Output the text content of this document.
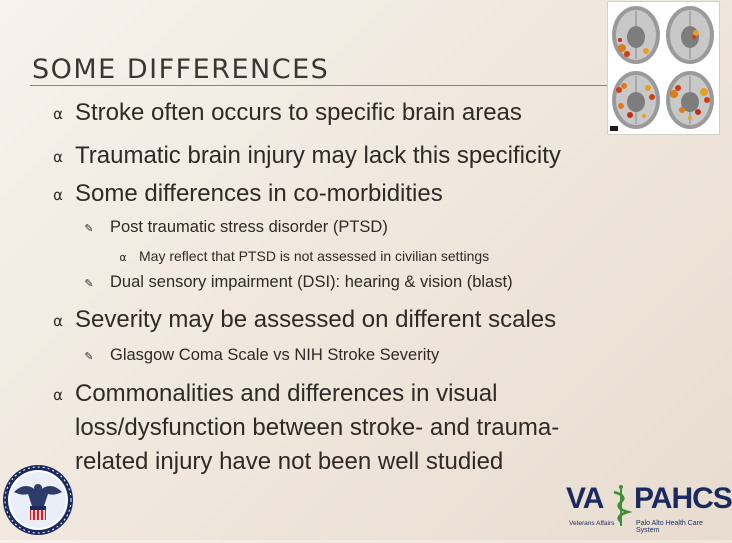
SOME DIFFERENCES
⍺ Stroke often occurs to specific brain areas
⍺ Traumatic brain injury may lack this specificity
⍺ Some differences in co-morbidities
✎ Post traumatic stress disorder (PTSD)
⍺ May reflect that PTSD is not assessed in civilian settings
✎ Dual sensory impairment (DSI): hearing & vision (blast)
⍺ Severity may be assessed on different scales
✎ Glasgow Coma Scale vs NIH Stroke Severity
⍺ Commonalities and differences in visual
loss/dysfunction between stroke- and trauma-
related injury have not been well studied
VA PAHCS
Veterans Affairs	Palo Alto Health Care System
